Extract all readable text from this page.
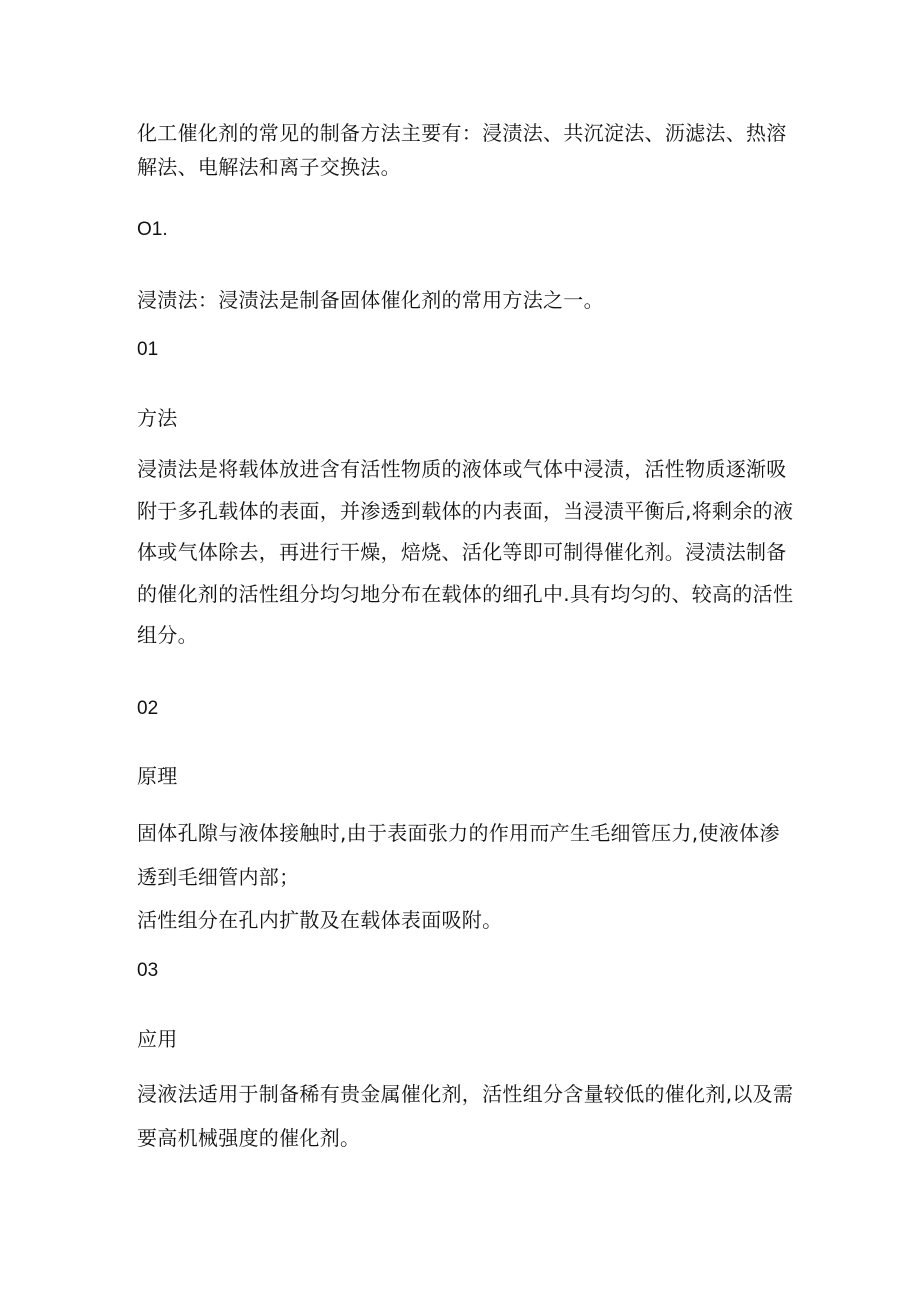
化工催化剂的常见的制备方法主要有：浸渍法、共沉淀法、沥滤法、热溶解法、电解法和离子交换法。

O1.

浸渍法：浸渍法是制备固体催化剂的常用方法之一。

01

方法

浸渍法是将载体放进含有活性物质的液体或气体中浸渍，活性物质逐渐吸附于多孔载体的表面，并渗透到载体的内表面，当浸渍平衡后,将剩余的液体或气体除去，再进行干燥，焙烧、活化等即可制得催化剂。浸渍法制备的催化剂的活性组分均匀地分布在载体的细孔中.具有均匀的、较高的活性组分。

02

原理

固体孔隙与液体接触时,由于表面张力的作用而产生毛细管压力,使液体渗透到毛细管内部；

活性组分在孔内扩散及在载体表面吸附。

03

应用

浸液法适用于制备稀有贵金属催化剂，活性组分含量较低的催化剂,以及需要高机械强度的催化剂。
